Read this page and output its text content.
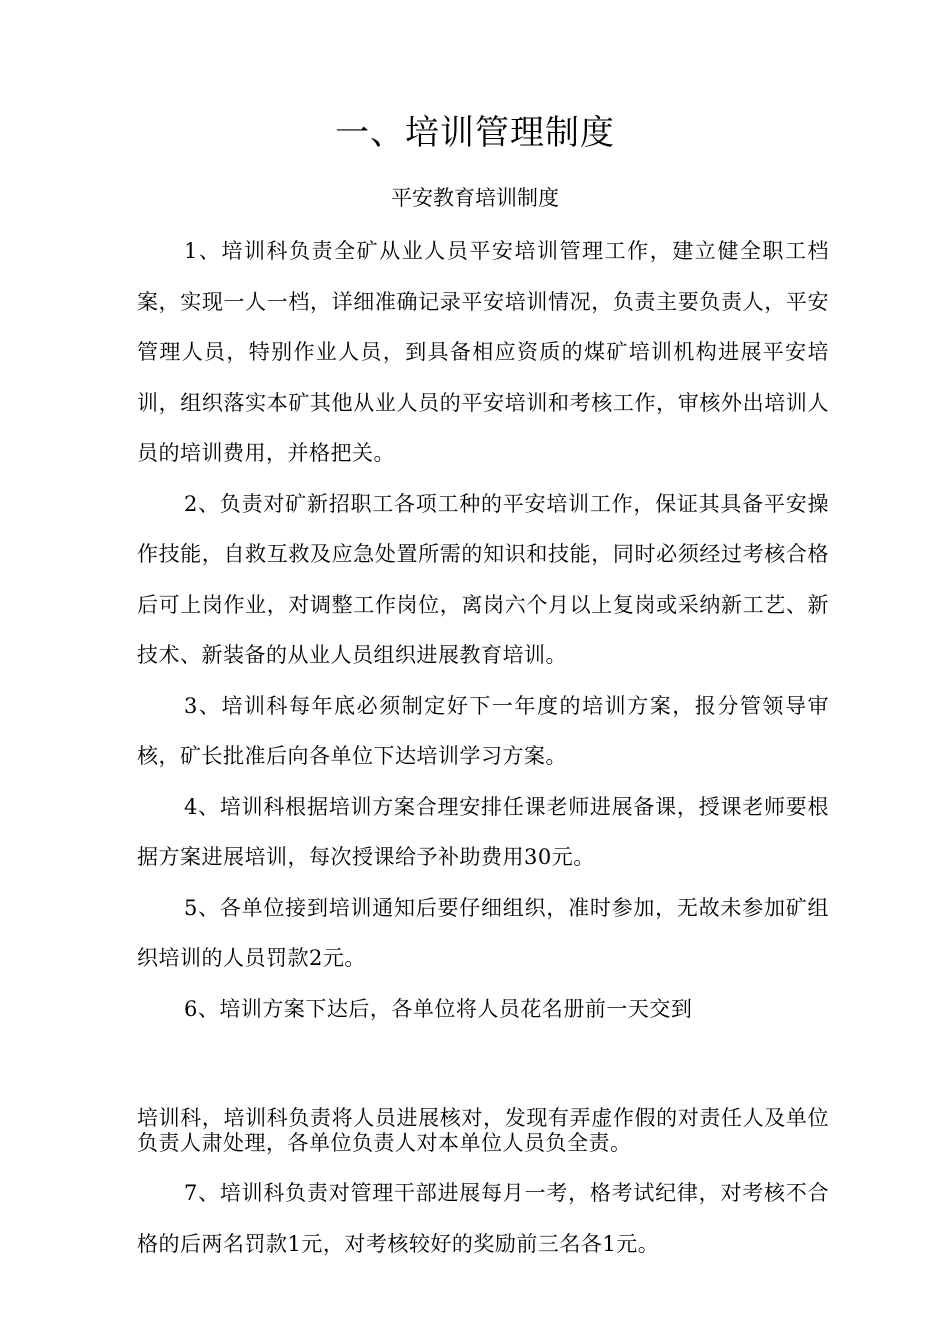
一、培训管理制度
平安教育培训制度

1、培训科负责全矿从业人员平安培训管理工作，建立健全职工档案，实现一人一档，详细准确记录平安培训情况，负责主要负责人，平安管理人员，特别作业人员，到具备相应资质的煤矿培训机构进展平安培训，组织落实本矿其他从业人员的平安培训和考核工作，审核外出培训人员的培训费用，并格把关。

2、负责对矿新招职工各项工种的平安培训工作，保证其具备平安操作技能，自救互救及应急处置所需的知识和技能，同时必须经过考核合格后可上岗作业，对调整工作岗位，离岗六个月以上复岗或采纳新工艺、新技术、新装备的从业人员组织进展教育培训。

3、培训科每年底必须制定好下一年度的培训方案，报分管领导审核，矿长批准后向各单位下达培训学习方案。

4、培训科根据培训方案合理安排任课老师进展备课，授课老师要根据方案进展培训，每次授课给予补助费用30元。

5、各单位接到培训通知后要仔细组织，准时参加，无故未参加矿组织培训的人员罚款2元。

6、培训方案下达后，各单位将人员花名册前一天交到

培训科，培训科负责将人员进展核对，发现有弄虚作假的对责任人及单位负责人肃处理，各单位负责人对本单位人员负全责。

7、培训科负责对管理干部进展每月一考，格考试纪律，对考核不合格的后两名罚款1元，对考核较好的奖励前三名各1元。
